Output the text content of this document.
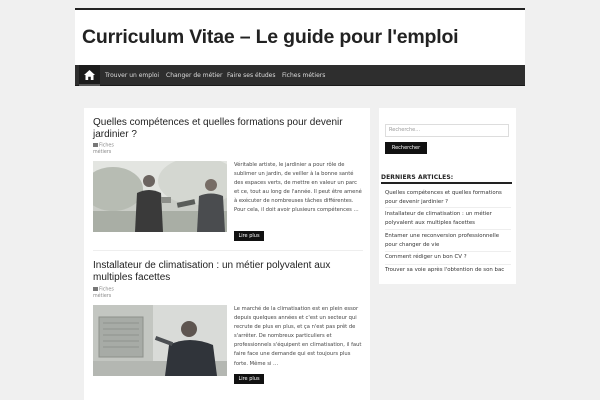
Curriculum Vitae – Le guide pour l'emploi
Trouver un emploi Changer de métier Faire ses études Fiches métiers
Quelles compétences et quelles formations pour devenir jardinier ?
Fiches métiers
Véritable artiste, le jardinier a pour rôle de sublimer un jardin, de veiller à la bonne santé des espaces verts, de mettre en valeur un parc et ce, tout au long de l'année. Il peut être amené à exécuter de nombreuses tâches différentes. Pour cela, il doit avoir plusieurs compétences …
Lire plus
Installateur de climatisation : un métier polyvalent aux multiples facettes
Fiches métiers
Le marché de la climatisation est en plein essor depuis quelques années et c'est un secteur qui recrute de plus en plus, et ça n'est pas prêt de s'arrêter. De nombreux particuliers et professionnels s'équipent en climatisation, il faut faire face une demande qui est toujours plus forte. Même si …
Lire plus
Recherche...
Rechercher
DERNIERS ARTICLES:
Quelles compétences et quelles formations pour devenir jardinier ?
Installateur de climatisation : un métier polyvalent aux multiples facettes
Entamer une reconversion professionnelle pour changer de vie
Comment rédiger un bon CV ?
Trouver sa voie après l'obtention de son bac
